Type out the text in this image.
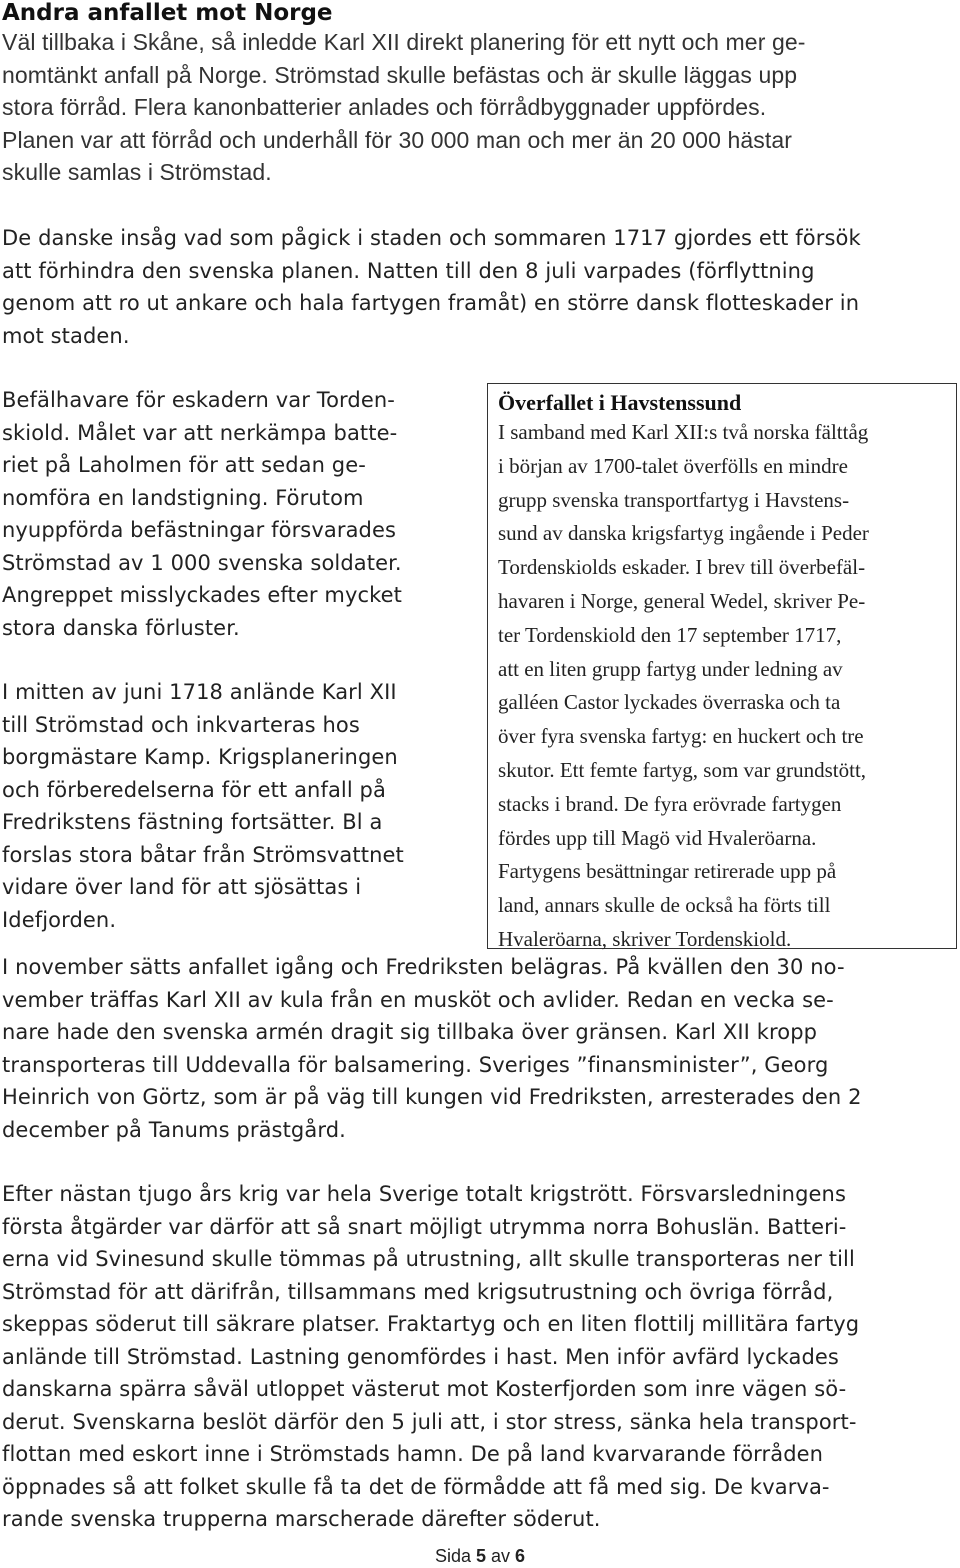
Andra anfallet mot Norge
Väl tillbaka i Skåne, så inledde Karl XII direkt planering för ett nytt och mer ge-
nomtänkt anfall på Norge. Strömstad skulle befästas och är skulle läggas upp
stora förråd. Flera kanonbatterier anlades och förrådbyggnader uppfördes.
Planen var att förråd och underhåll för 30 000 man och mer än 20 000 hästar
skulle samlas i Strömstad.
De danske insåg vad som pågick i staden och sommaren 1717 gjordes ett försök
att förhindra den svenska planen. Natten till den 8 juli varpades (förflyttning
genom att ro ut ankare och hala fartygen framåt) en större dansk flotteskader in
mot staden.
Befälhavare för eskadern var Torden-
skiold. Målet var att nerkämpa batte-
riet på Laholmen för att sedan ge-
nomföra en landstigning. Förutom
nyuppförda befästningar försvarades
Strömstad av 1 000 svenska soldater.
Angreppet misslyckades efter mycket
stora danska förluster.
I mitten av juni 1718 anlände Karl XII
till Strömstad och inkvarteras hos
borgmästare Kamp. Krigsplaneringen
och förberedelserna för ett anfall på
Fredrikstens fästning fortsätter. Bl a
forslas stora båtar från Strömsvattnet
vidare över land för att sjösättas i
Idefjorden.
Överfallet i Havstenssund
I samband med Karl XII:s två norska fälttåg
i början av 1700-talet överfölls en mindre
grupp svenska transportfartyg i Havstens-
sund av danska krigsfartyg ingående i Peder
Tordenskiolds eskader. I brev till överbefäl-
havaren i Norge, general Wedel, skriver Pe-
ter Tordenskiold den 17 september 1717,
att en liten grupp fartyg under ledning av
galléen Castor lyckades överraska och ta
över fyra svenska fartyg: en huckert och tre
skutor. Ett femte fartyg, som var grundstött,
stacks i brand. De fyra erövrade fartygen
fördes upp till Magö vid Hvaleröarna.
Fartygens besättningar retirerade upp på
land, annars skulle de också ha förts till
Hvaleröarna, skriver Tordenskiold.
I november sätts anfallet igång och Fredriksten belägras. På kvällen den 30 no-
vember träffas Karl XII av kula från en musköt och avlider. Redan en vecka se-
nare hade den svenska armén dragit sig tillbaka över gränsen. Karl XII kropp
transporteras till Uddevalla för balsamering. Sveriges ”finansminister”, Georg
Heinrich von Görtz, som är på väg till kungen vid Fredriksten, arresterades den 2
december på Tanums prästgård.
Efter nästan tjugo års krig var hela Sverige totalt krigstrött. Försvarsledningens
första åtgärder var därför att så snart möjligt utrymma norra Bohuslän. Batteri-
erna vid Svinesund skulle tömmas på utrustning, allt skulle transporteras ner till
Strömstad för att därifrån, tillsammans med krigsutrustning och övriga förråd,
skeppas söderut till säkrare platser. Fraktartyg och en liten flottilj millitära fartyg
anlände till Strömstad. Lastning genomfördes i hast. Men inför avfärd lyckades
danskarna spärra såväl utloppet västerut mot Kosterfjorden som inre vägen sö-
derut. Svenskarna beslöt därför den 5 juli att, i stor stress, sänka hela transport-
flottan med eskort inne i Strömstads hamn. De på land kvarvarande förråden
öppnades så att folket skulle få ta det de förmådde att få med sig. De kvarva-
rande svenska trupperna marscherade därefter söderut.
Sida 5 av 6
